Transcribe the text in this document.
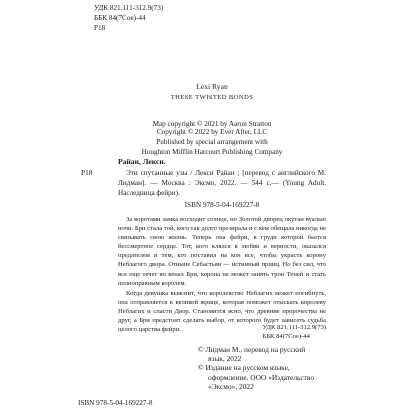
УДК 821.111-312.9(73)
ББК 84(7Сое)-44
Р18
Lexi Ryan
THESE TWISTED BONDS
Copyright © 2022 by Ever After, LLC
Published by special arrangement with
Houghton Mifflin Harcourt Publishing Company
Map copyright © 2021 by Aaron Stratton
Р18
Райан, Лекси.
Эти спутанные узы / Лекси Райан ; [перевод с английского М. Лидман]. — Москва : Эксмо, 2022. — 544 с.— (Young Adult. Наследница фейри).
ISBN 978-5-04-169227-8

За воротами замка восходит солнце, но Золотой дворец окутан вуалью ночи. Бри стала той, кого так долго презирала и с кем обещала никогда не связывать свою жизнь. Теперь она фейри, в груди которой бьется бессмертное сердце. Тот, кого клялся в любви и верности, оказался предателем и тем, кто поставил на кон все, чтобы украсть корону Неблагого двора. Отныне Себастьян — истинный принц. Но без сил, что все еще течет во венах Бри, корона не может занять трон Теней и стать полноправным королем.

Когда девушка выяснит, что королевство Неблагих может погибнуть, она отправляется к великой жрице, которая поможет отыскать королеву Неблагих и спасти Двор. Становится ясно, что древние пророчества не друг, а Бри предстоит сделать выбор, от которого будет зависеть судьба целого царства фейри.	УДК 821.111-312.9(73)
ББК 84(7Сое)-44
© Лидман М., перевод на русский
язык, 2022
© Издание на русском языке,
оформление. ООО «Издательство
«Эксмо», 2022
ISBN 978-5-04-169227-8
